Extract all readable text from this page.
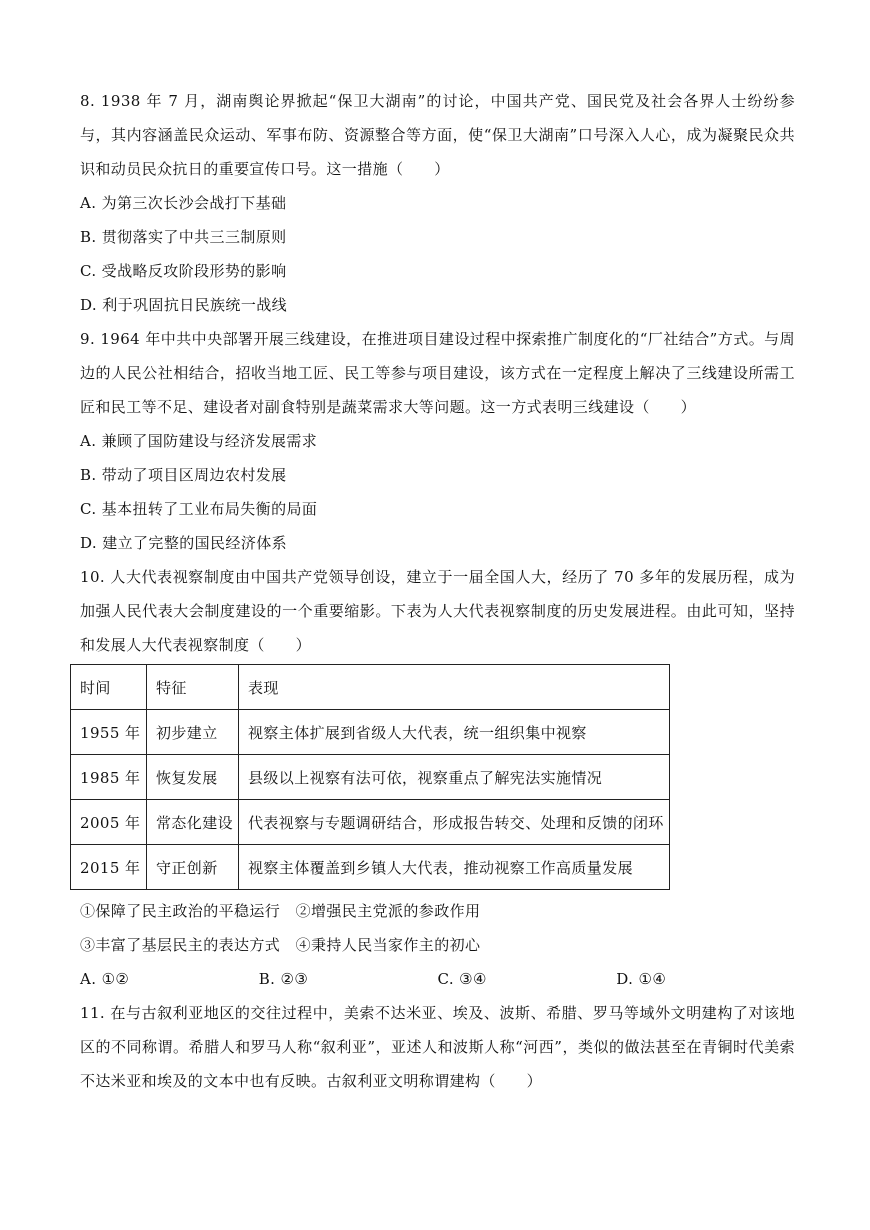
8. 1938 年 7 月，湖南舆论界掀起“保卫大湖南”的讨论，中国共产党、国民党及社会各界人士纷纷参与，其内容涵盖民众运动、军事布防、资源整合等方面，使“保卫大湖南”口号深入人心，成为凝聚民众共识和动员民众抗日的重要宣传口号。这一措施（　　）

A. 为第三次长沙会战打下基础

B. 贯彻落实了中共三三制原则

C. 受战略反攻阶段形势的影响

D. 利于巩固抗日民族统一战线

9. 1964 年中共中央部署开展三线建设，在推进项目建设过程中探索推广制度化的“厂社结合”方式。与周边的人民公社相结合，招收当地工匠、民工等参与项目建设，该方式在一定程度上解决了三线建设所需工匠和民工等不足、建设者对副食特别是蔬菜需求大等问题。这一方式表明三线建设（　　）

A. 兼顾了国防建设与经济发展需求

B. 带动了项目区周边农村发展

C. 基本扭转了工业布局失衡的局面

D. 建立了完整的国民经济体系

10. 人大代表视察制度由中国共产党领导创设，建立于一届全国人大，经历了 70 多年的发展历程，成为加强人民代表大会制度建设的一个重要缩影。下表为人大代表视察制度的历史发展进程。由此可知，坚持和发展人大代表视察制度（　　）

时间	特征	表现
1955 年	初步建立	视察主体扩展到省级人大代表，统一组织集中视察
1985 年	恢复发展	县级以上视察有法可依，视察重点了解宪法实施情况
2005 年	常态化建设	代表视察与专题调研结合，形成报告转交、处理和反馈的闭环
2015 年	守正创新	视察主体覆盖到乡镇人大代表，推动视察工作高质量发展

①保障了民主政治的平稳运行　②增强民主党派的参政作用

③丰富了基层民主的表达方式　④秉持人民当家作主的初心

A. ①②	B. ②③	C. ③④	D. ①④

11. 在与古叙利亚地区的交往过程中，美索不达米亚、埃及、波斯、希腊、罗马等域外文明建构了对该地区的不同称谓。希腊人和罗马人称“叙利亚”，亚述人和波斯人称“河西”，类似的做法甚至在青铜时代美索不达米亚和埃及的文本中也有反映。古叙利亚文明称谓建构（　　）
